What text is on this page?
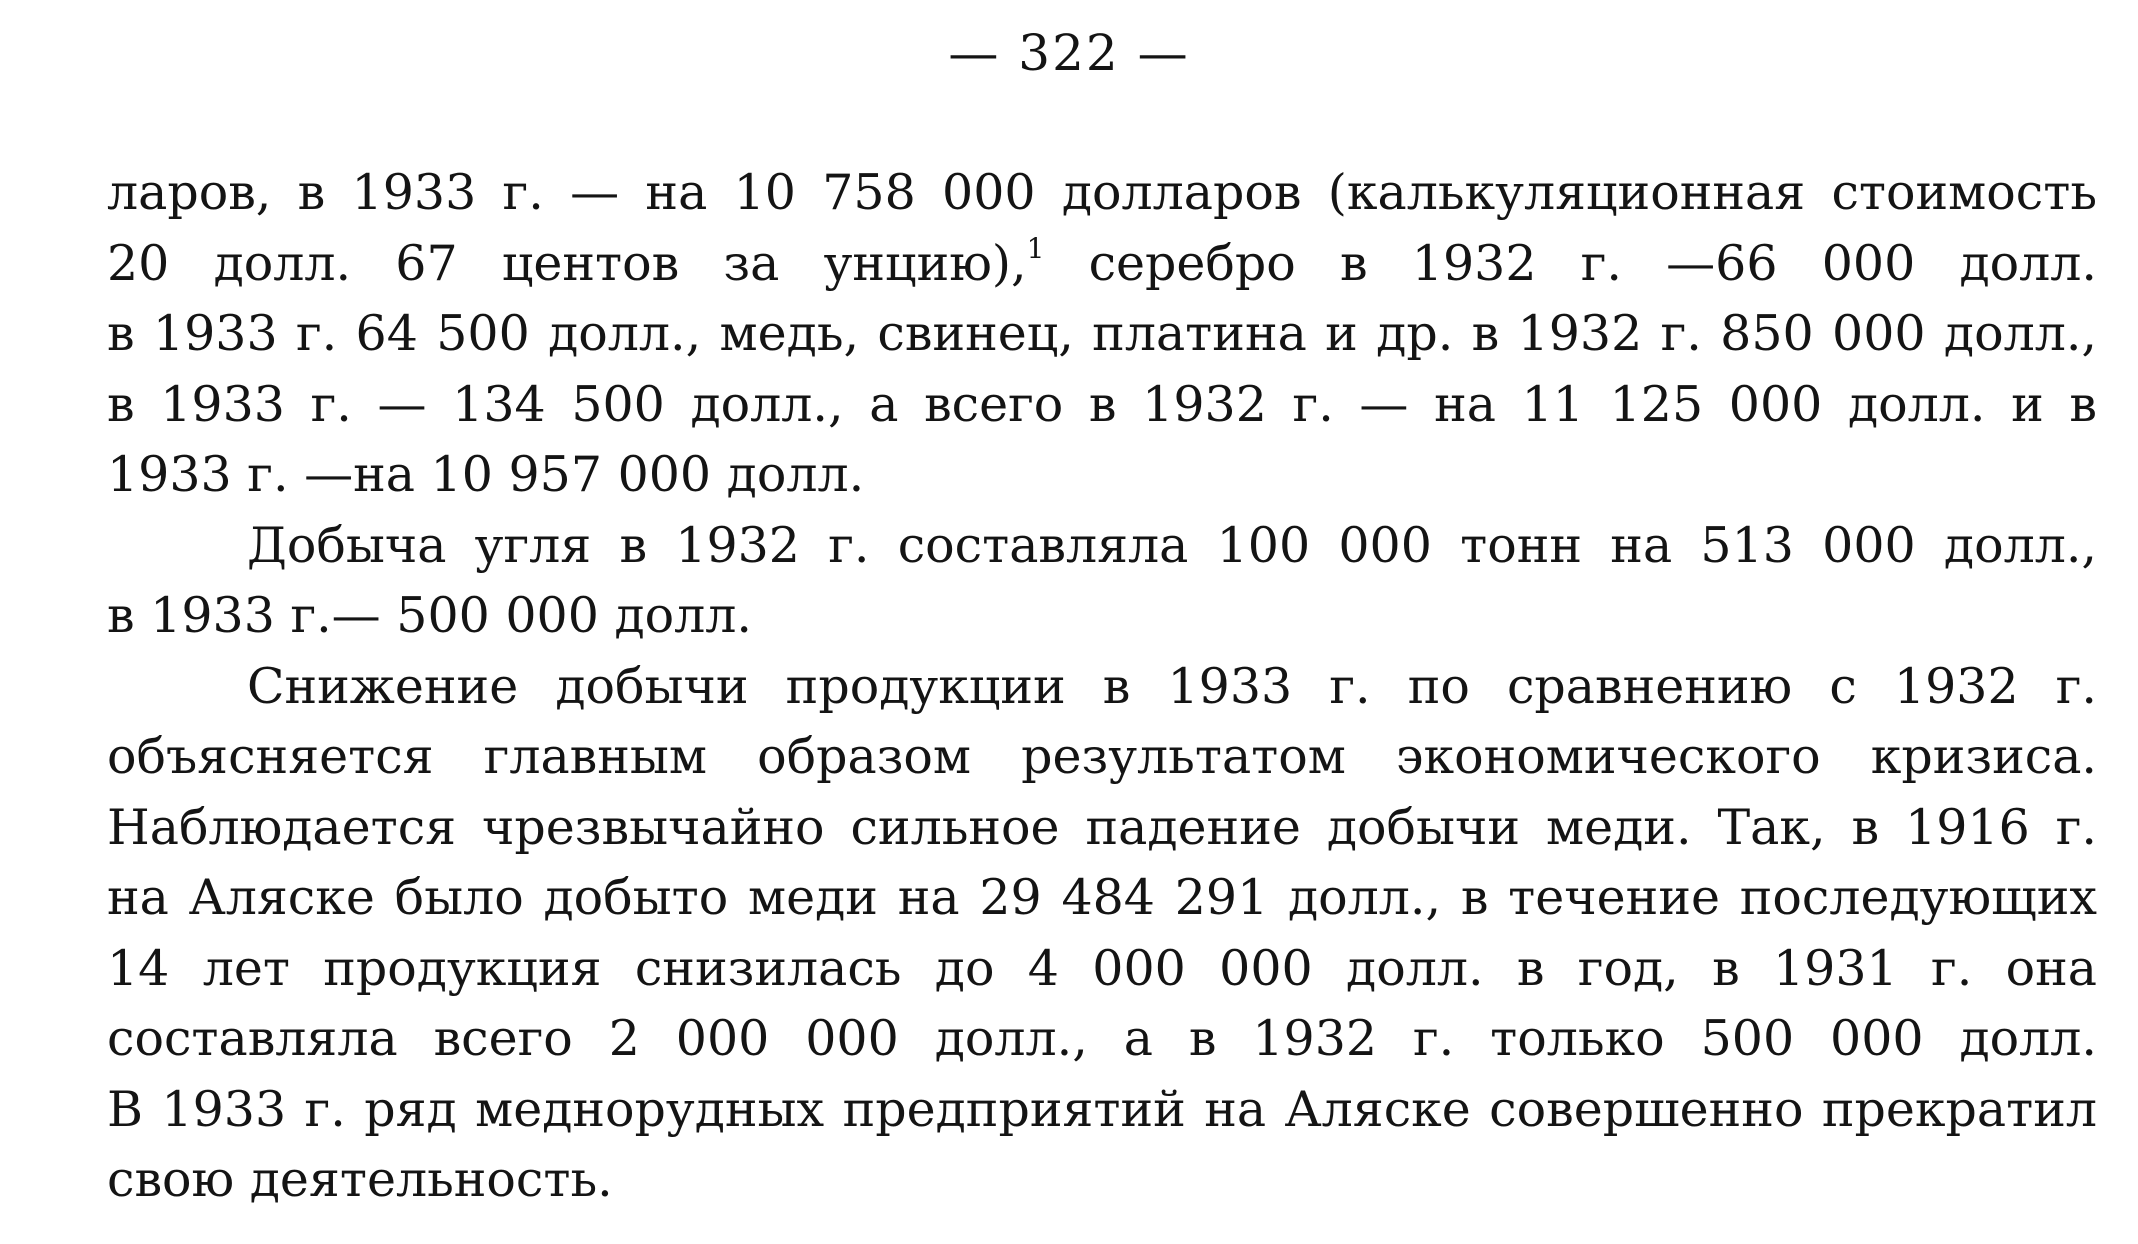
— 322 —
ларов, в 1933 г. — на 10 758 000 долларов (калькуляционная стоимость
20 долл. 67 центов за унцию),$^1$ серебро в 1932 г. —66 000 долл.
в 1933 г. 64 500 долл., медь, свинец, платина и др. в 1932 г. 850 000 долл.,
в 1933 г. — 134 500 долл., а всего в 1932 г. — на 11 125 000 долл. и в
1933 г. —на 10 957 000 долл.
Добыча угля в 1932 г. составляла 100 000 тонн на 513 000 долл.,
в 1933 г.— 500 000 долл.
Снижение добычи продукции в 1933 г. по сравнению с 1932 г.
объясняется главным образом результатом экономического кризиса.
Наблюдается чрезвычайно сильное падение добычи меди. Так, в 1916 г.
на Аляске было добыто меди на 29 484 291 долл., в течение последующих
14 лет продукция снизилась до 4 000 000 долл. в год, в 1931 г. она
составляла всего 2 000 000 долл., а в 1932 г. только 500 000 долл.
В 1933 г. ряд меднорудных предприятий на Аляске совершенно прекратил
свою деятельность.
